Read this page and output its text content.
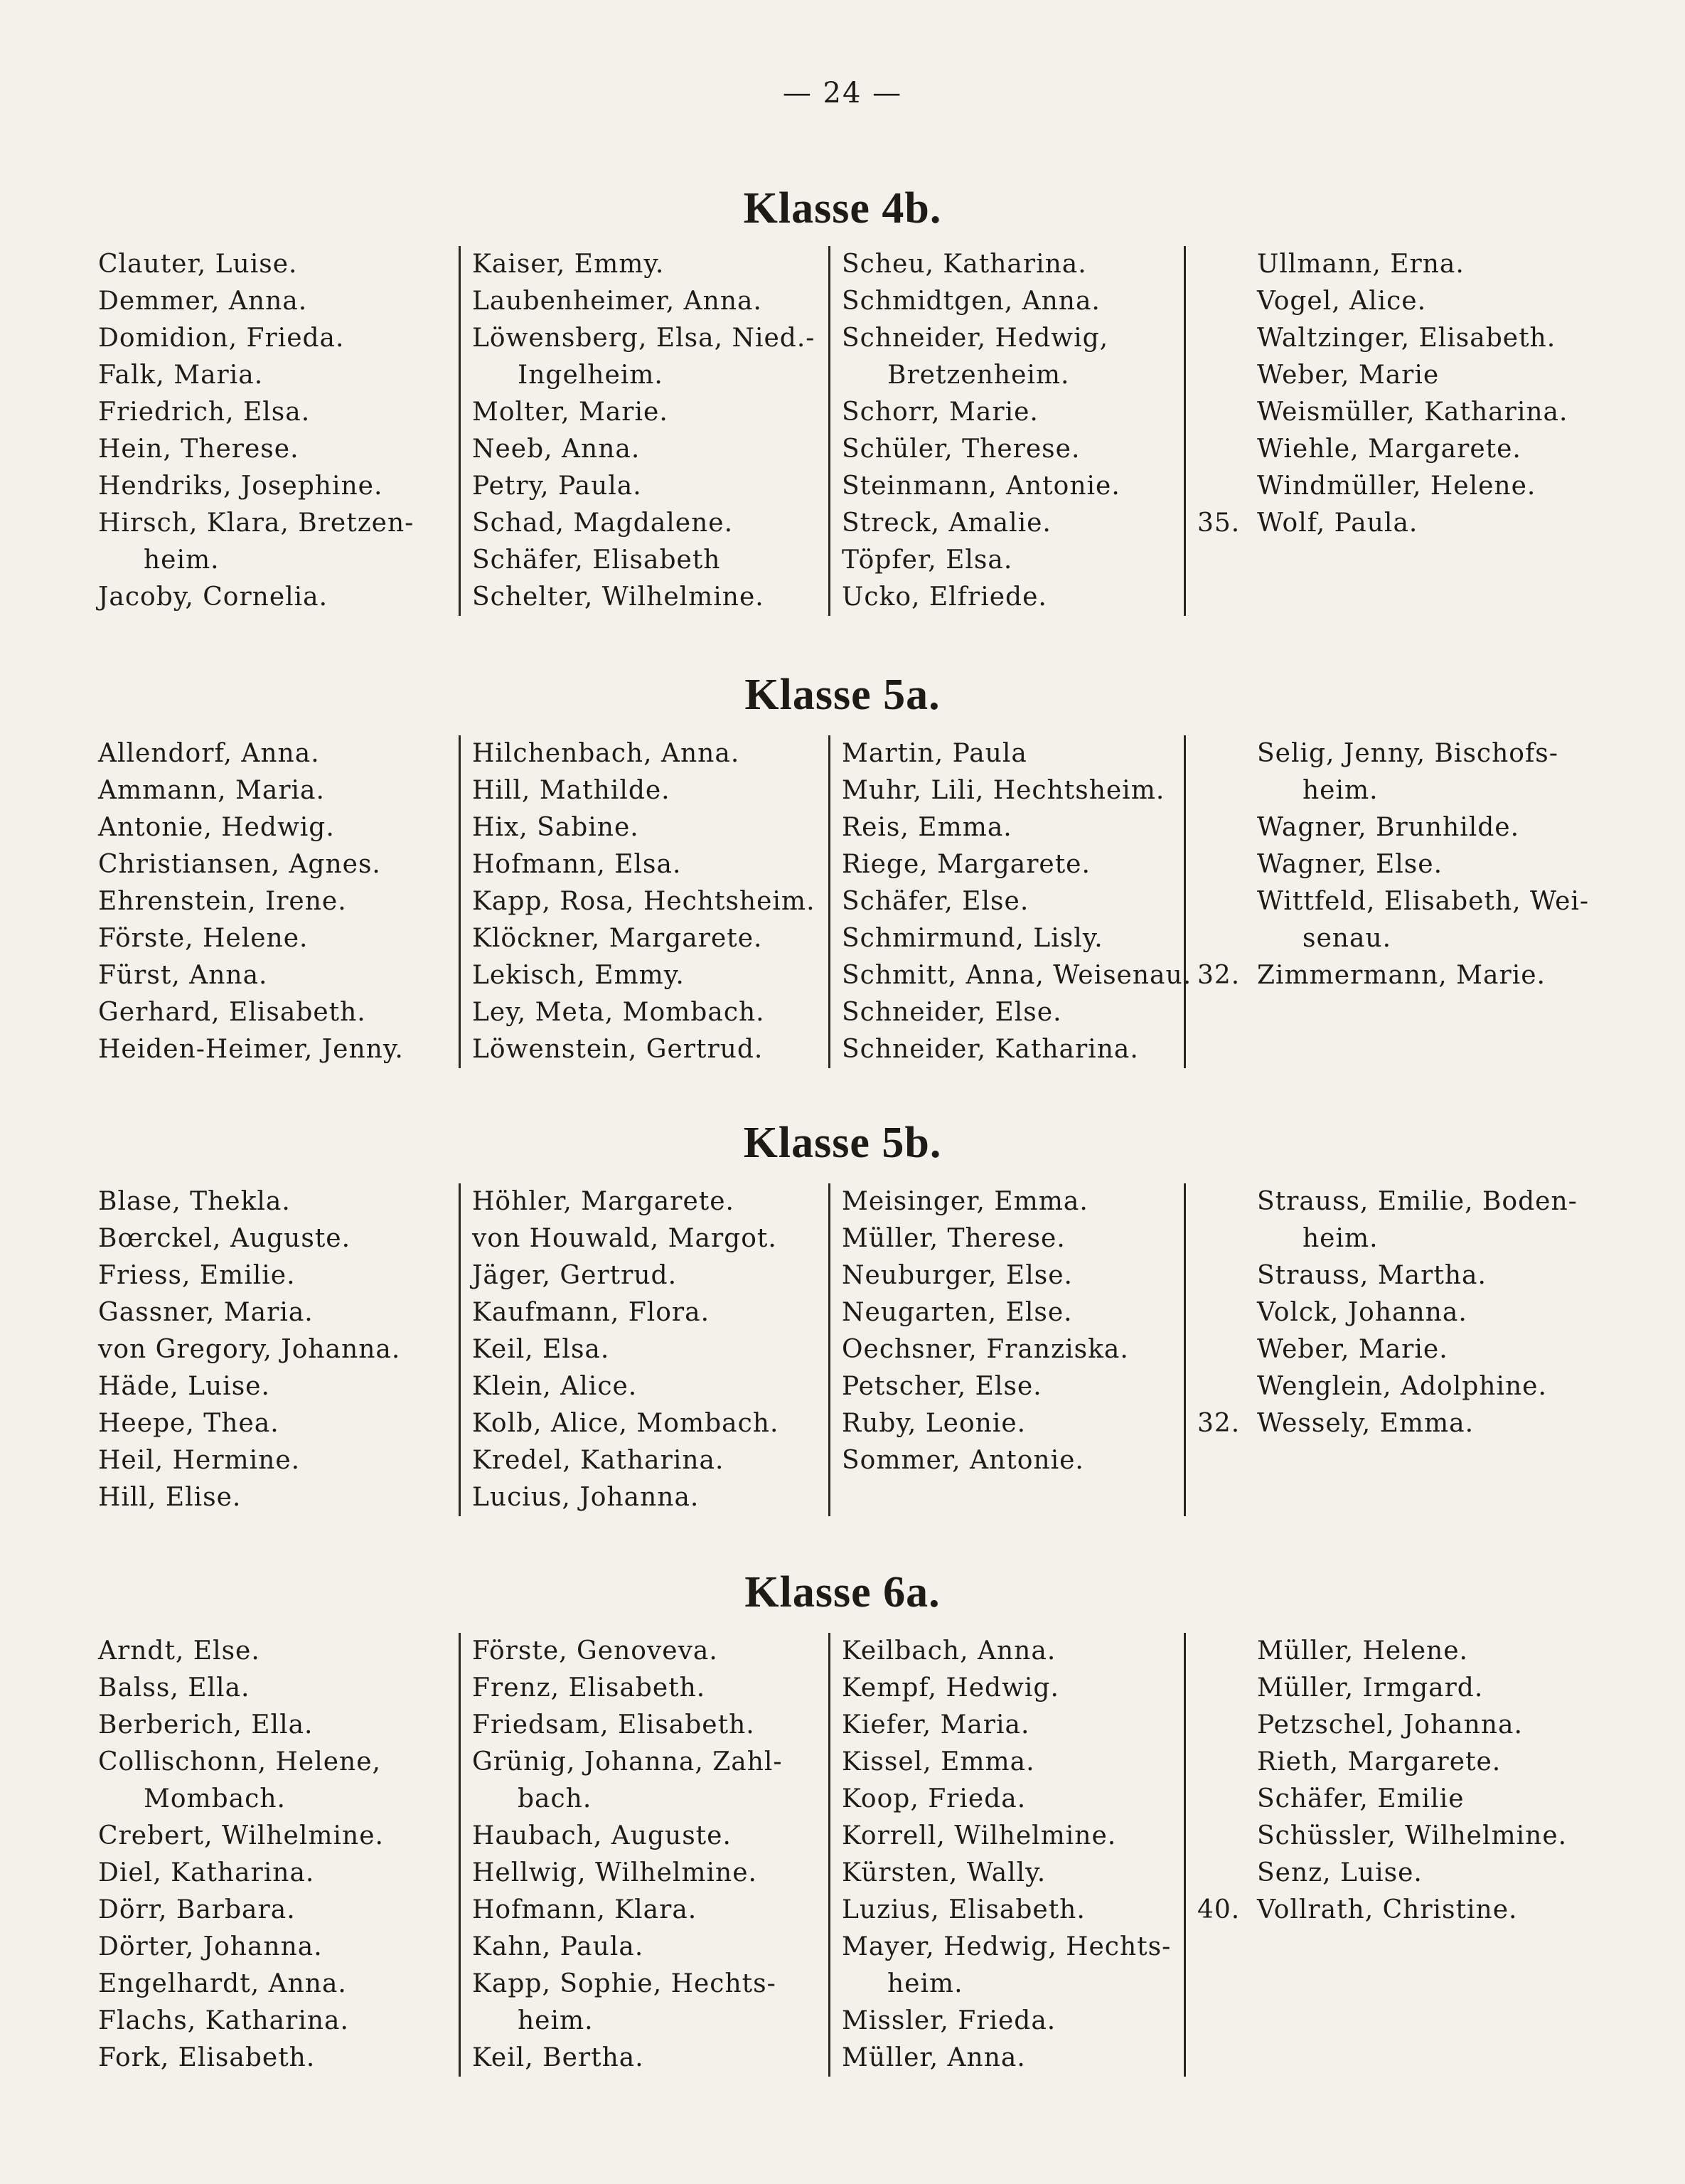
— 24 —
Klasse 4b.
Clauter, Luise.
Demmer, Anna.
Domidion, Frieda.
Falk, Maria.
Friedrich, Elsa.
Hein, Therese.
Hendriks, Josephine.
Hirsch, Klara, Bretzen-
heim.
Jacoby, Cornelia.
Kaiser, Emmy.
Laubenheimer, Anna.
Löwensberg, Elsa, Nied.-
Ingelheim.
Molter, Marie.
Neeb, Anna.
Petry, Paula.
Schad, Magdalene.
Schäfer, Elisabeth
Schelter, Wilhelmine.
Scheu, Katharina.
Schmidtgen, Anna.
Schneider, Hedwig,
Bretzenheim.
Schorr, Marie.
Schüler, Therese.
Steinmann, Antonie.
Streck, Amalie.
Töpfer, Elsa.
Ucko, Elfriede.
Ullmann, Erna.
Vogel, Alice.
Waltzinger, Elisabeth.
Weber, Marie
Weismüller, Katharina.
Wiehle, Margarete.
Windmüller, Helene.
Wolf, Paula.
35.
Klasse 5a.
Allendorf, Anna.
Ammann, Maria.
Antonie, Hedwig.
Christiansen, Agnes.
Ehrenstein, Irene.
Förste, Helene.
Fürst, Anna.
Gerhard, Elisabeth.
Heiden-Heimer, Jenny.
Hilchenbach, Anna.
Hill, Mathilde.
Hix, Sabine.
Hofmann, Elsa.
Kapp, Rosa, Hechtsheim.
Klöckner, Margarete.
Lekisch, Emmy.
Ley, Meta, Mombach.
Löwenstein, Gertrud.
Martin, Paula
Muhr, Lili, Hechtsheim.
Reis, Emma.
Riege, Margarete.
Schäfer, Else.
Schmirmund, Lisly.
Schmitt, Anna, Weisenau.
Schneider, Else.
Schneider, Katharina.
Selig, Jenny, Bischofs-
heim.
Wagner, Brunhilde.
Wagner, Else.
Wittfeld, Elisabeth, Wei-
senau.
Zimmermann, Marie.
32.
Klasse 5b.
Blase, Thekla.
Bœrckel, Auguste.
Friess, Emilie.
Gassner, Maria.
von Gregory, Johanna.
Häde, Luise.
Heepe, Thea.
Heil, Hermine.
Hill, Elise.
Höhler, Margarete.
von Houwald, Margot.
Jäger, Gertrud.
Kaufmann, Flora.
Keil, Elsa.
Klein, Alice.
Kolb, Alice, Mombach.
Kredel, Katharina.
Lucius, Johanna.
Meisinger, Emma.
Müller, Therese.
Neuburger, Else.
Neugarten, Else.
Oechsner, Franziska.
Petscher, Else.
Ruby, Leonie.
Sommer, Antonie.
Strauss, Emilie, Boden-
heim.
Strauss, Martha.
Volck, Johanna.
Weber, Marie.
Wenglein, Adolphine.
Wessely, Emma.
32.
Klasse 6a.
Arndt, Else.
Balss, Ella.
Berberich, Ella.
Collischonn, Helene,
Mombach.
Crebert, Wilhelmine.
Diel, Katharina.
Dörr, Barbara.
Dörter, Johanna.
Engelhardt, Anna.
Flachs, Katharina.
Fork, Elisabeth.
Förste, Genoveva.
Frenz, Elisabeth.
Friedsam, Elisabeth.
Grünig, Johanna, Zahl-
bach.
Haubach, Auguste.
Hellwig, Wilhelmine.
Hofmann, Klara.
Kahn, Paula.
Kapp, Sophie, Hechts-
heim.
Keil, Bertha.
Keilbach, Anna.
Kempf, Hedwig.
Kiefer, Maria.
Kissel, Emma.
Koop, Frieda.
Korrell, Wilhelmine.
Kürsten, Wally.
Luzius, Elisabeth.
Mayer, Hedwig, Hechts-
heim.
Missler, Frieda.
Müller, Anna.
Müller, Helene.
Müller, Irmgard.
Petzschel, Johanna.
Rieth, Margarete.
Schäfer, Emilie
Schüssler, Wilhelmine.
Senz, Luise.
Vollrath, Christine.
40.
